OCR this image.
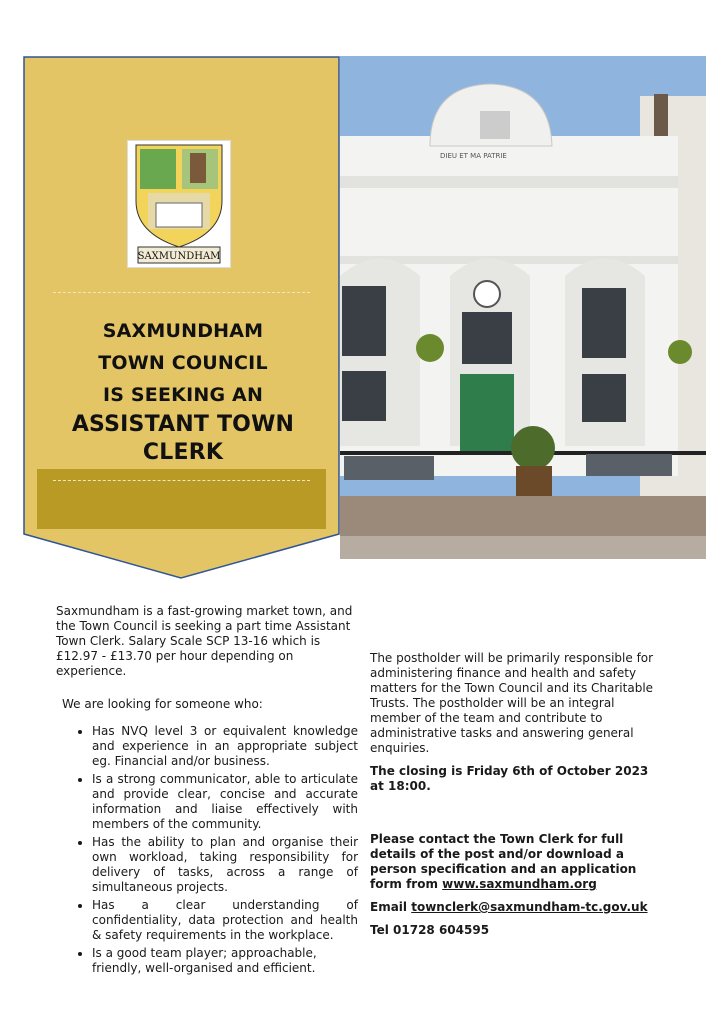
DIEU ET MA PATRIE
SAXMUNDHAM
SAXMUNDHAM
TOWN COUNCIL
IS SEEKING AN
ASSISTANT TOWN
CLERK

Saxmundham is a fast-growing market town, and the Town Council is seeking a part time Assistant Town Clerk. Salary Scale SCP 13-16 which is £12.97 - £13.70 per hour depending on experience.

We are looking for someone who:

• Has NVQ level 3 or equivalent knowledge and experience in an appropriate subject eg. Financial and/or business.
• Is a strong communicator, able to articulate and provide clear, concise and accurate information and liaise effectively with members of the community.
• Has the ability to plan and organise their own workload, taking responsibility for delivery of tasks, across a range of simultaneous projects.
• Has a clear understanding of confidentiality, data protection and health & safety requirements in the workplace.
• Is a good team player; approachable, friendly, well-organised and efficient.

The postholder will be primarily responsible for administering finance and health and safety matters for the Town Council and its Charitable Trusts. The postholder will be an integral member of the team and contribute to administrative tasks and answering general enquiries.

The closing is Friday 6th of October 2023 at 18:00.

Please contact the Town Clerk for full details of the post and/or download a person specification and an application form from www.saxmundham.org

Email townclerk@saxmundham-tc.gov.uk

Tel 01728 604595
